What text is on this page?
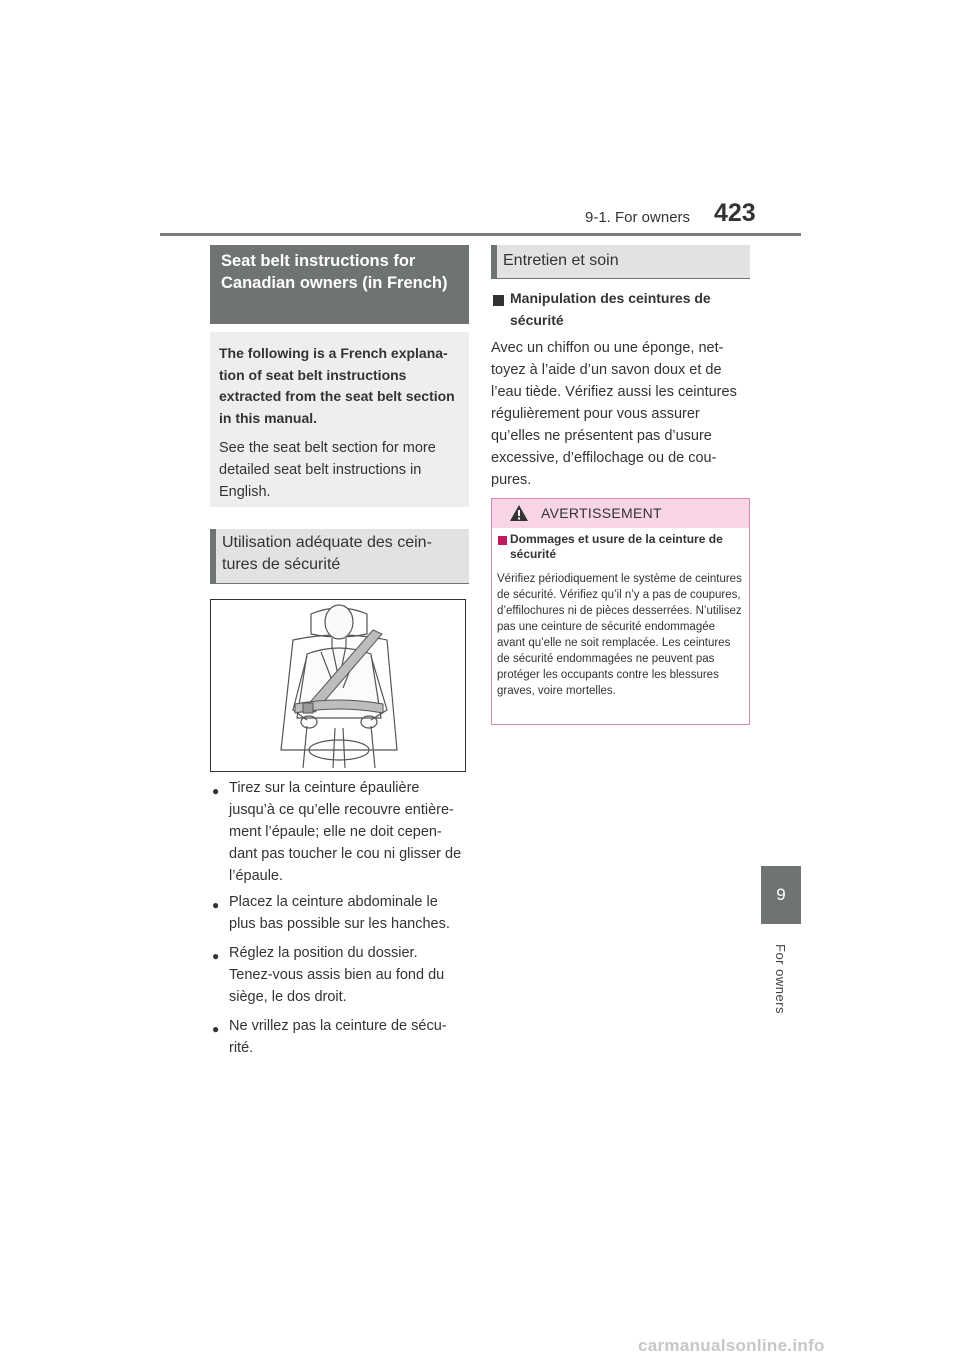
9-1. For owners 423
9
For owners
Seat belt instructions for Canadian owners (in French)
The following is a French explana-tion of seat belt instructions extracted from the seat belt section in this manual.
See the seat belt section for more detailed seat belt instructions in English.
Utilisation adéquate des cein-tures de sécurité
● Tirez sur la ceinture épaulière jusqu’à ce qu’elle recouvre entière-ment l’épaule; elle ne doit cepen-dant pas toucher le cou ni glisser de l’épaule.
● Placez la ceinture abdominale le plus bas possible sur les hanches.
● Réglez la position du dossier. Tenez-vous assis bien au fond du siège, le dos droit.
● Ne vrillez pas la ceinture de sécu-rité.
Entretien et soin
Manipulation des ceintures de sécurité
Avec un chiffon ou une éponge, net-toyez à l’aide d’un savon doux et de l’eau tiède. Vérifiez aussi les ceintures régulièrement pour vous assurer qu’elles ne présentent pas d’usure excessive, d’effilochage ou de cou-pures.
AVERTISSEMENT
Dommages et usure de la ceinture de sécurité
Vérifiez périodiquement le système de ceintures de sécurité. Vérifiez qu’il n’y a pas de coupures, d’effilochures ni de pièces desserrées. N’utilisez pas une ceinture de sécurité endommagée avant qu’elle ne soit remplacée. Les ceintures de sécurité endommagées ne peuvent pas protéger les occupants contre les blessures graves, voire mortelles.
carmanualsonline.info
